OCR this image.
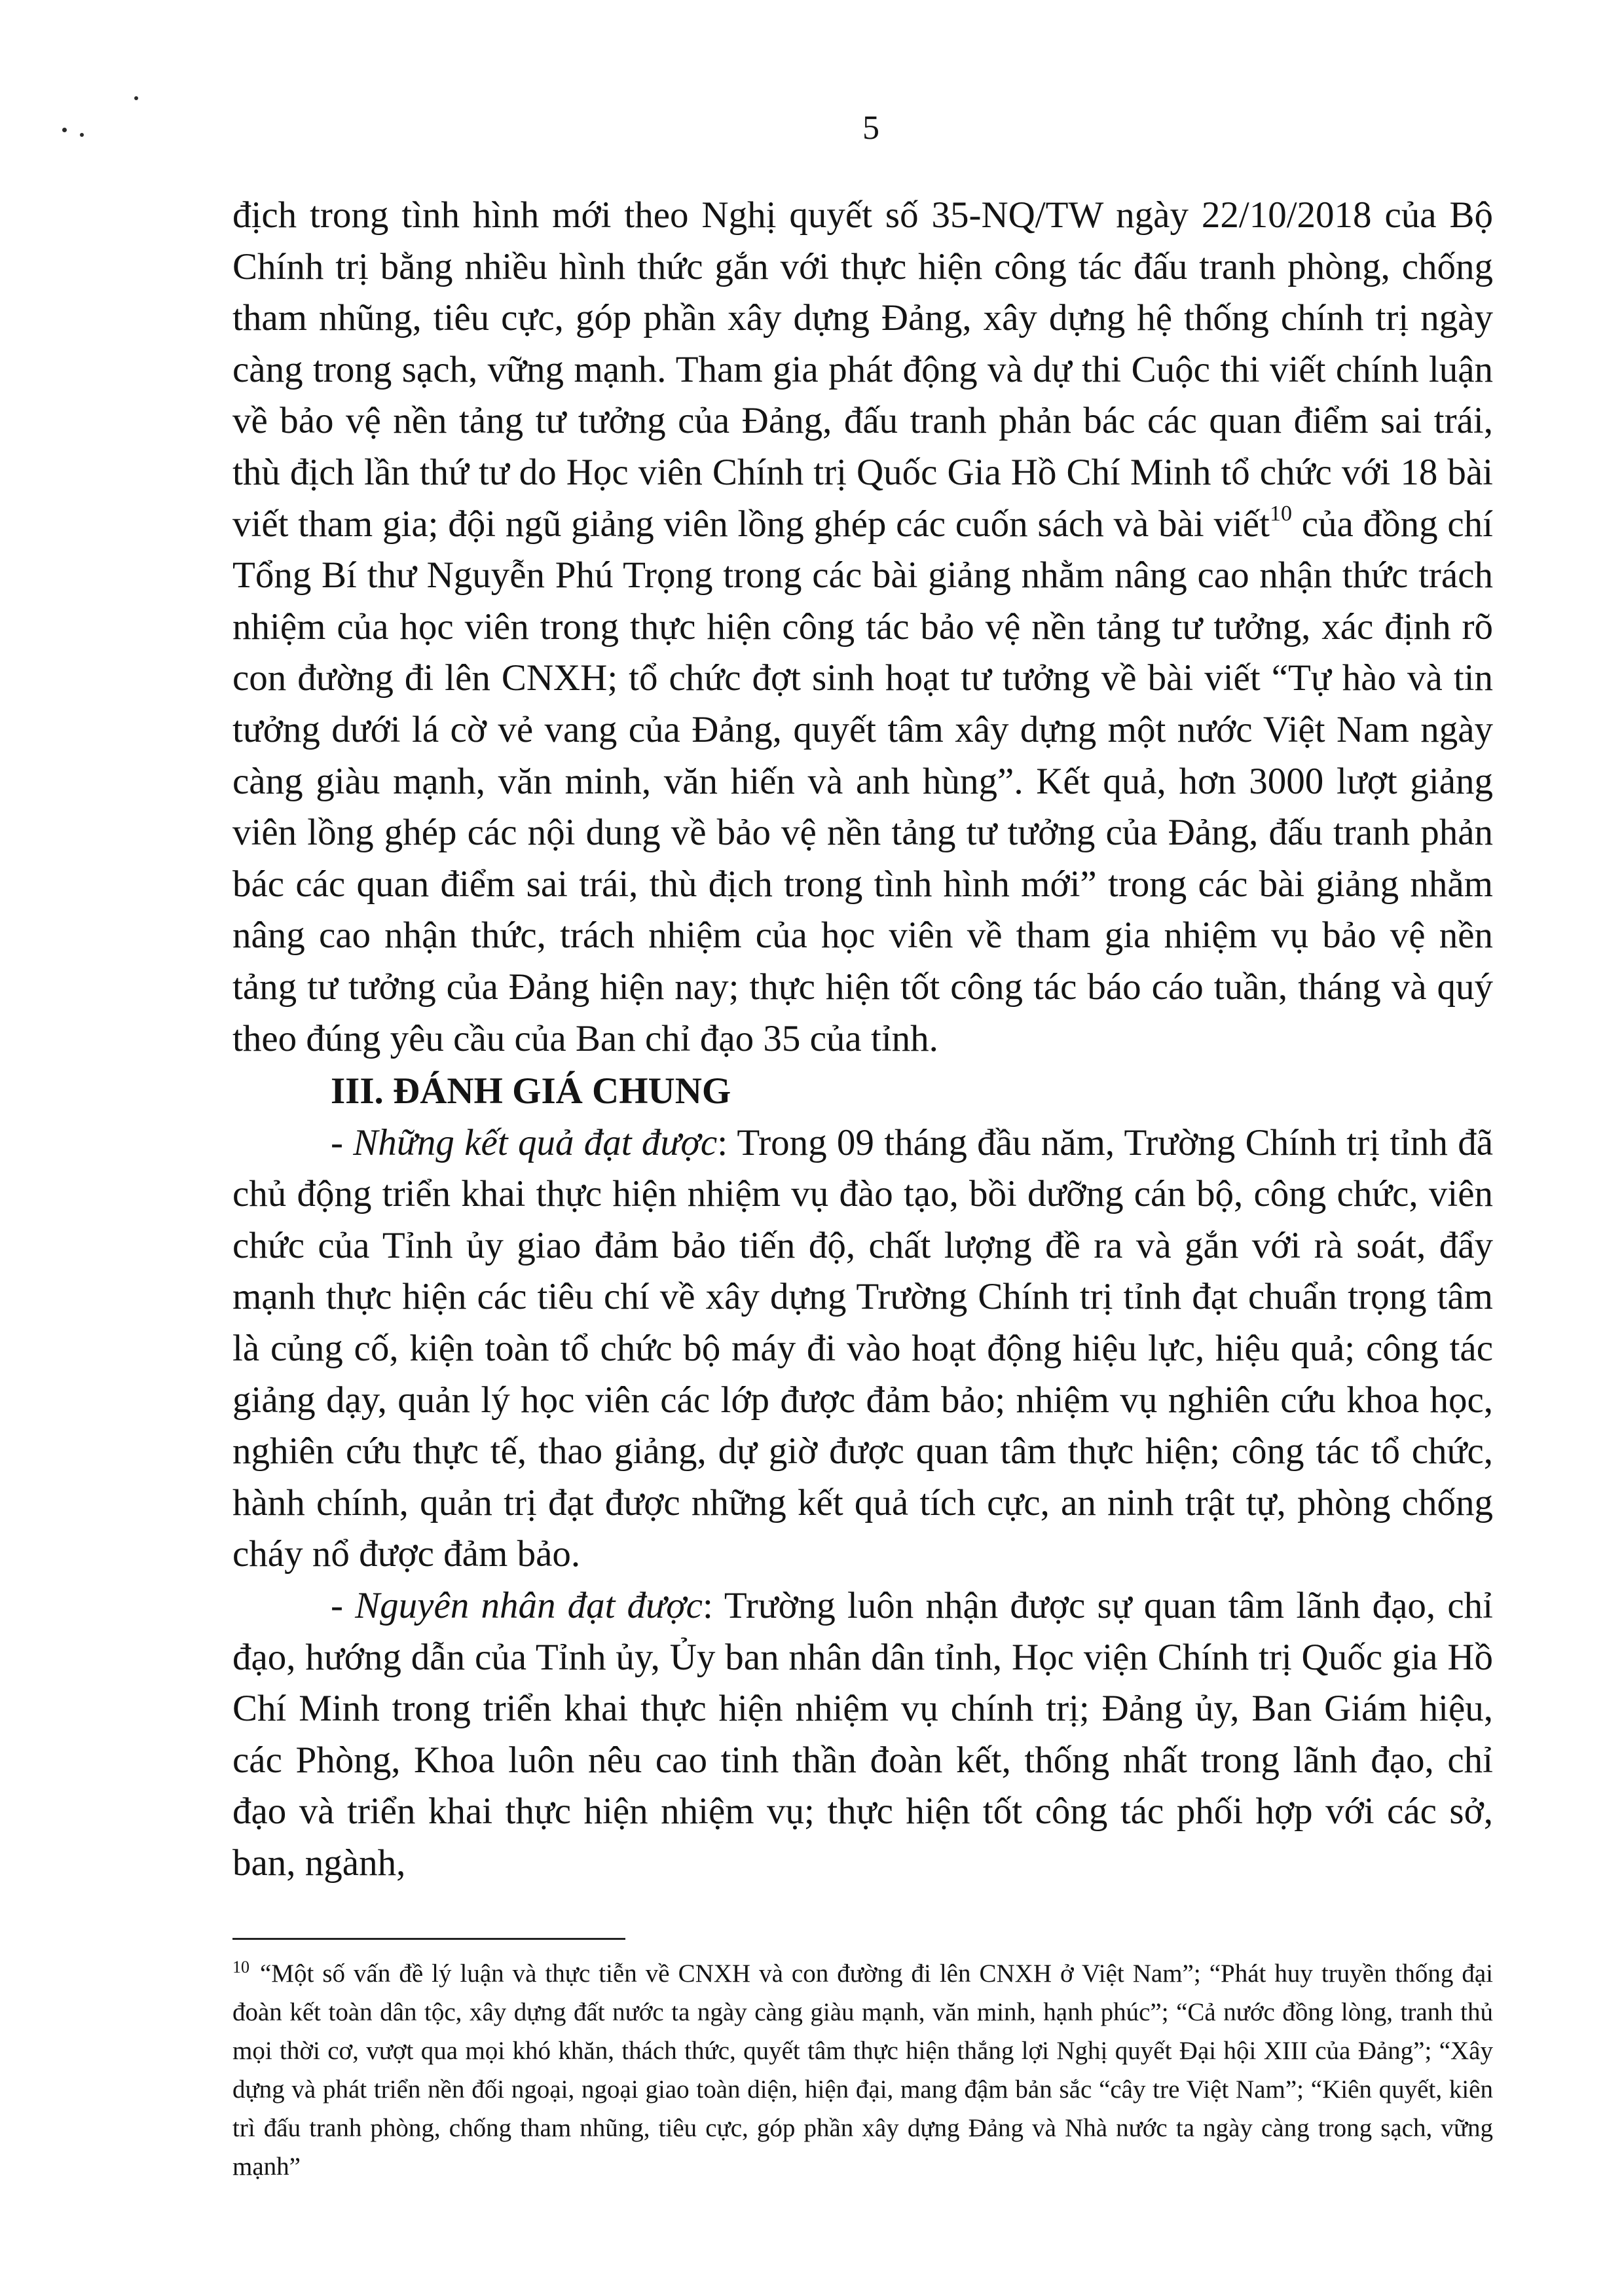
5

địch trong tình hình mới theo Nghị quyết số 35-NQ/TW ngày 22/10/2018 của Bộ Chính trị bằng nhiều hình thức gắn với thực hiện công tác đấu tranh phòng, chống tham nhũng, tiêu cực, góp phần xây dựng Đảng, xây dựng hệ thống chính trị ngày càng trong sạch, vững mạnh. Tham gia phát động và dự thi Cuộc thi viết chính luận về bảo vệ nền tảng tư tưởng của Đảng, đấu tranh phản bác các quan điểm sai trái, thù địch lần thứ tư do Học viên Chính trị Quốc Gia Hồ Chí Minh tổ chức với 18 bài viết tham gia; đội ngũ giảng viên lồng ghép các cuốn sách và bài viết$^{10}$ của đồng chí Tổng Bí thư Nguyễn Phú Trọng trong các bài giảng nhằm nâng cao nhận thức trách nhiệm của học viên trong thực hiện công tác bảo vệ nền tảng tư tưởng, xác định rõ con đường đi lên CNXH; tổ chức đợt sinh hoạt tư tưởng về bài viết “Tự hào và tin tưởng dưới lá cờ vẻ vang của Đảng, quyết tâm xây dựng một nước Việt Nam ngày càng giàu mạnh, văn minh, văn hiến và anh hùng”. Kết quả, hơn 3000 lượt giảng viên lồng ghép các nội dung về bảo vệ nền tảng tư tưởng của Đảng, đấu tranh phản bác các quan điểm sai trái, thù địch trong tình hình mới” trong các bài giảng nhằm nâng cao nhận thức, trách nhiệm của học viên về tham gia nhiệm vụ bảo vệ nền tảng tư tưởng của Đảng hiện nay; thực hiện tốt công tác báo cáo tuần, tháng và quý theo đúng yêu cầu của Ban chỉ đạo 35 của tỉnh.

III. ĐÁNH GIÁ CHUNG

- Những kết quả đạt được: Trong 09 tháng đầu năm, Trường Chính trị tỉnh đã chủ động triển khai thực hiện nhiệm vụ đào tạo, bồi dưỡng cán bộ, công chức, viên chức của Tỉnh ủy giao đảm bảo tiến độ, chất lượng đề ra và gắn với rà soát, đẩy mạnh thực hiện các tiêu chí về xây dựng Trường Chính trị tỉnh đạt chuẩn trọng tâm là củng cố, kiện toàn tổ chức bộ máy đi vào hoạt động hiệu lực, hiệu quả; công tác giảng dạy, quản lý học viên các lớp được đảm bảo; nhiệm vụ nghiên cứu khoa học, nghiên cứu thực tế, thao giảng, dự giờ được quan tâm thực hiện; công tác tổ chức, hành chính, quản trị đạt được những kết quả tích cực, an ninh trật tự, phòng chống cháy nổ được đảm bảo.

- Nguyên nhân đạt được: Trường luôn nhận được sự quan tâm lãnh đạo, chỉ đạo, hướng dẫn của Tỉnh ủy, Ủy ban nhân dân tỉnh, Học viện Chính trị Quốc gia Hồ Chí Minh trong triển khai thực hiện nhiệm vụ chính trị; Đảng ủy, Ban Giám hiệu, các Phòng, Khoa luôn nêu cao tinh thần đoàn kết, thống nhất trong lãnh đạo, chỉ đạo và triển khai thực hiện nhiệm vụ; thực hiện tốt công tác phối hợp với các sở, ban, ngành,

$^{10}$ “Một số vấn đề lý luận và thực tiễn về CNXH và con đường đi lên CNXH ở Việt Nam”; “Phát huy truyền thống đại đoàn kết toàn dân tộc, xây dựng đất nước ta ngày càng giàu mạnh, văn minh, hạnh phúc”; “Cả nước đồng lòng, tranh thủ mọi thời cơ, vượt qua mọi khó khăn, thách thức, quyết tâm thực hiện thắng lợi Nghị quyết Đại hội XIII của Đảng”; “Xây dựng và phát triển nền đối ngoại, ngoại giao toàn diện, hiện đại, mang đậm bản sắc “cây tre Việt Nam”; “Kiên quyết, kiên trì đấu tranh phòng, chống tham nhũng, tiêu cực, góp phần xây dựng Đảng và Nhà nước ta ngày càng trong sạch, vững mạnh”
